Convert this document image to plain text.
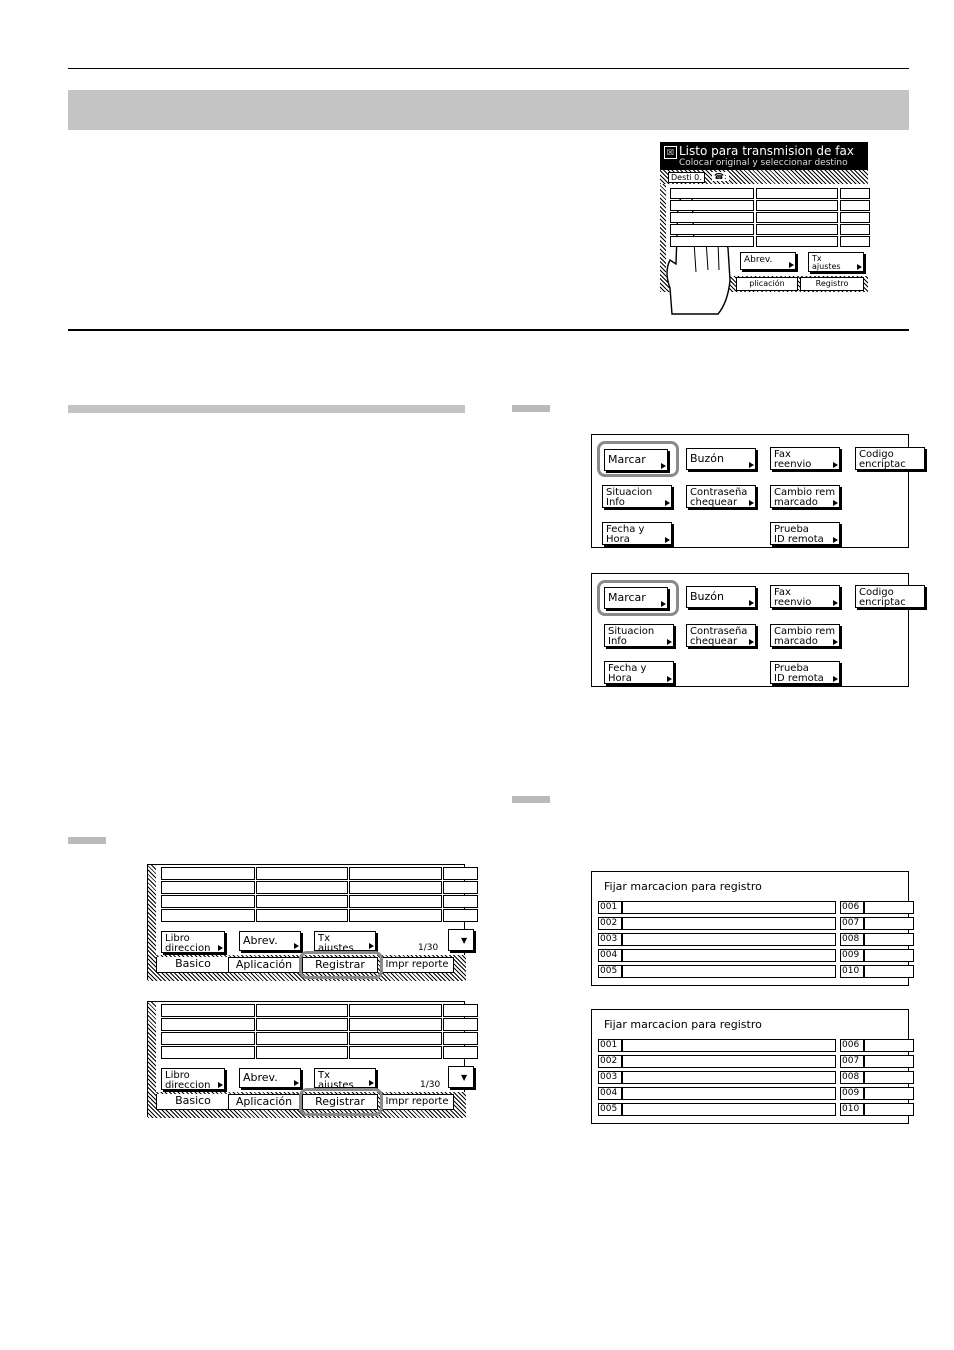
☒ Listo para transmision de fax
Colocar original y seleccionar destino
Desti 0.	☎:
Abrev.	Tx
ajustes
plicación	Registro
Marcar	Buzón	Fax
reenvio
Codigo
encriptac
Situacion
Info
Contraseña
chequear
Cambio rem
marcado
Fecha y
Hora
Prueba
ID remota
Marcar	Buzón	Fax
reenvio
Codigo
encriptac
Situacion
Info
Contraseña
chequear
Cambio rem
marcado
Fecha y
Hora
Prueba
ID remota
Libro
direccion
Abrev.	Tx
ajustes	1/30
▼
Basico	Aplicación	Registrar	Impr reporte
Libro
direccion
Abrev.	Tx
ajustes	1/30
▼
Basico	Aplicación	Registrar	Impr reporte
Fijar marcacion para registro
001	006
002	007
003	008
004	009
005	010
Fijar marcacion para registro
001	006
002	007
003	008
004	009
005	010
